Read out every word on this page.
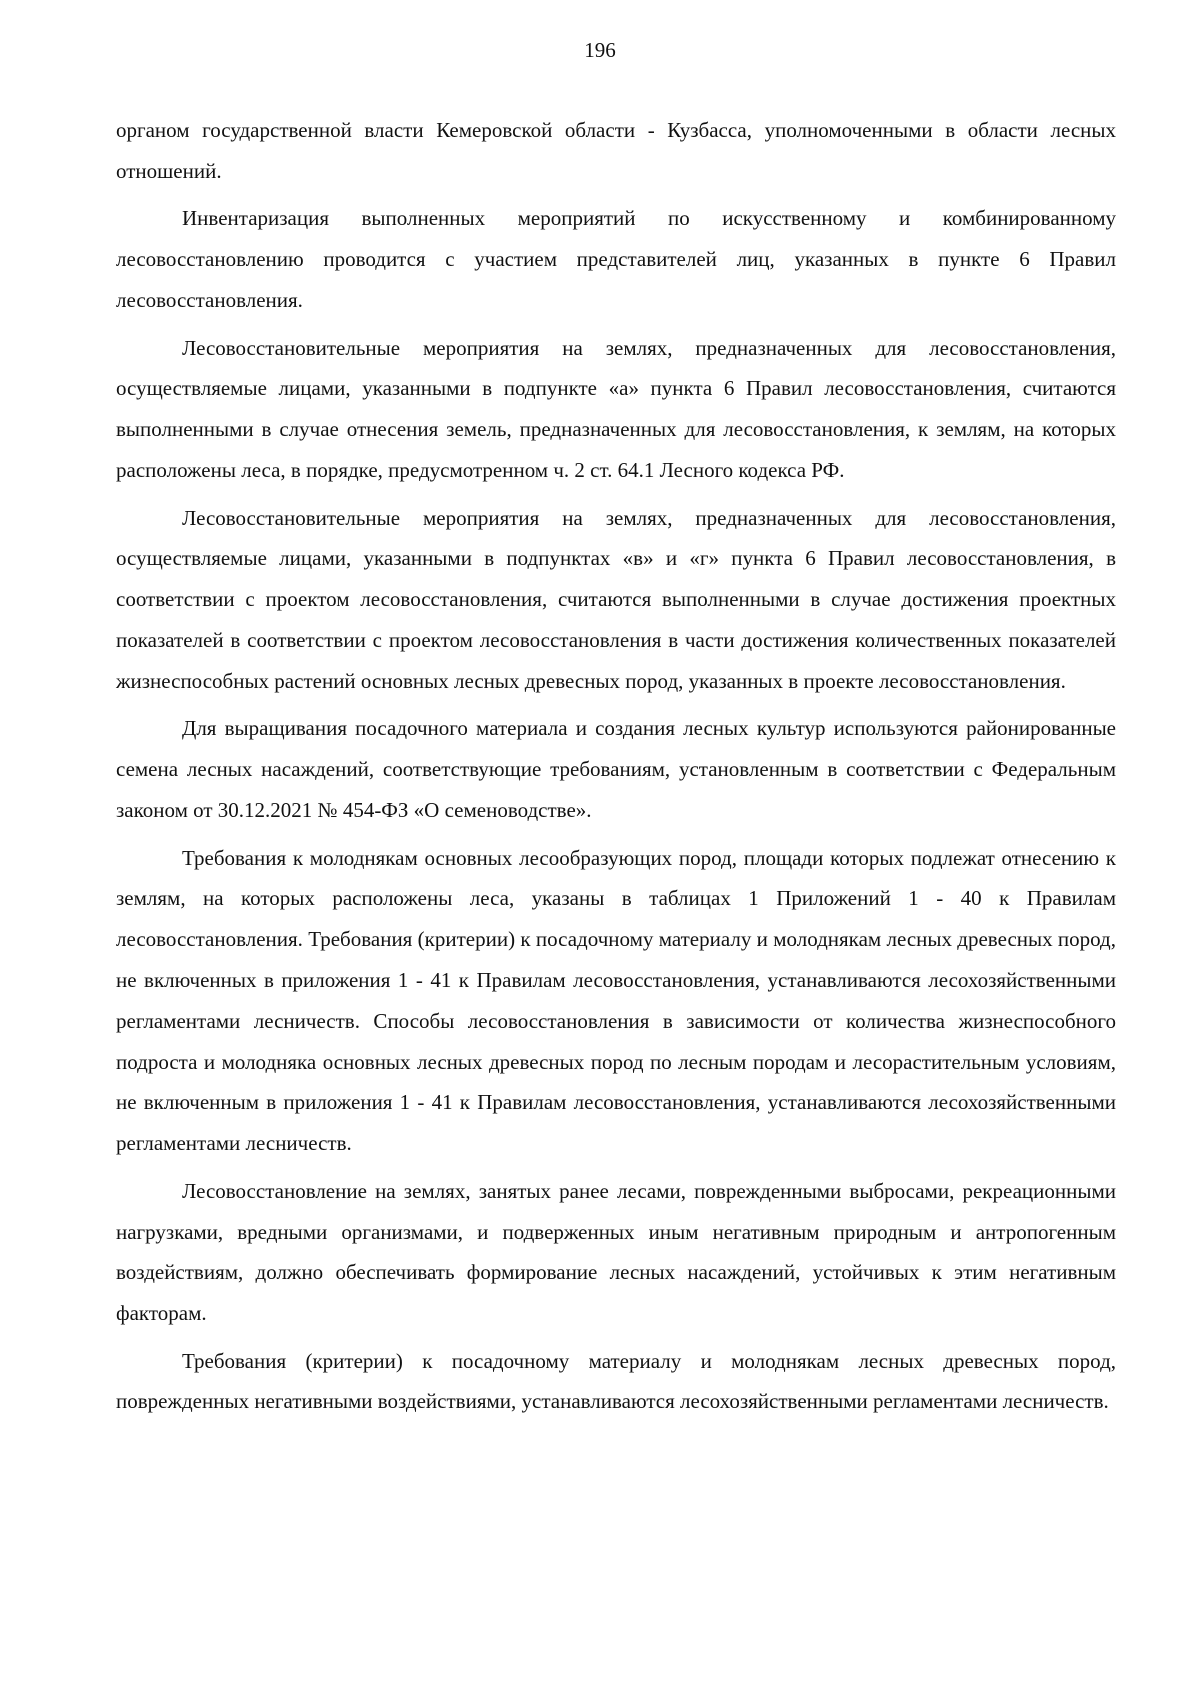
196

органом государственной власти Кемеровской области - Кузбасса, уполномоченными в области лесных отношений.

Инвентаризация выполненных мероприятий по искусственному и комбинированному лесовосстановлению проводится с участием представителей лиц, указанных в пункте 6 Правил лесовосстановления.

Лесовосстановительные мероприятия на землях, предназначенных для лесовосстановления, осуществляемые лицами, указанными в подпункте «а» пункта 6 Правил лесовосстановления, считаются выполненными в случае отнесения земель, предназначенных для лесовосстановления, к землям, на которых расположены леса, в порядке, предусмотренном ч. 2 ст. 64.1 Лесного кодекса РФ.

Лесовосстановительные мероприятия на землях, предназначенных для лесовосстановления, осуществляемые лицами, указанными в подпунктах «в» и «г» пункта 6 Правил лесовосстановления, в соответствии с проектом лесовосстановления, считаются выполненными в случае достижения проектных показателей в соответствии с проектом лесовосстановления в части достижения количественных показателей жизнеспособных растений основных лесных древесных пород, указанных в проекте лесовосстановления.

Для выращивания посадочного материала и создания лесных культур используются районированные семена лесных насаждений, соответствующие требованиям, установленным в соответствии с Федеральным законом от 30.12.2021 № 454-ФЗ «О семеноводстве».

Требования к молоднякам основных лесообразующих пород, площади которых подлежат отнесению к землям, на которых расположены леса, указаны в таблицах 1 Приложений 1 - 40 к Правилам лесовосстановления. Требования (критерии) к посадочному материалу и молоднякам лесных древесных пород, не включенных в приложения 1 - 41 к Правилам лесовосстановления, устанавливаются лесохозяйственными регламентами лесничеств. Способы лесовосстановления в зависимости от количества жизнеспособного подроста и молодняка основных лесных древесных пород по лесным породам и лесорастительным условиям, не включенным в приложения 1 - 41 к Правилам лесовосстановления, устанавливаются лесохозяйственными регламентами лесничеств.

Лесовосстановление на землях, занятых ранее лесами, поврежденными выбросами, рекреационными нагрузками, вредными организмами, и подверженных иным негативным природным и антропогенным воздействиям, должно обеспечивать формирование лесных насаждений, устойчивых к этим негативным факторам.

Требования (критерии) к посадочному материалу и молоднякам лесных древесных пород, поврежденных негативными воздействиями, устанавливаются лесохозяйственными регламентами лесничеств.
